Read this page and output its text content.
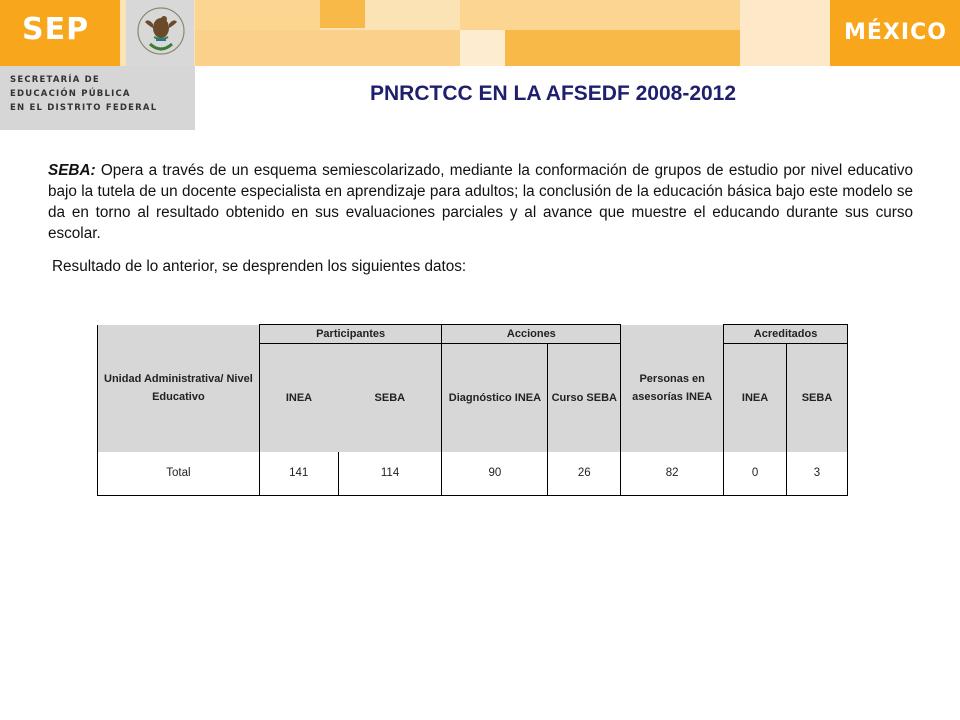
SEP	MÉXICO
SECRETARÍA DE
EDUCACIÓN PÚBLICA
EN EL DISTRITO FEDERAL
PNRCTCC EN LA AFSEDF 2008-2012

SEBA: Opera a través de un esquema semiescolarizado, mediante la conformación de grupos de estudio por nivel educativo bajo la tutela de un docente especialista en aprendizaje para adultos; la conclusión de la educación básica bajo este modelo se da en torno al resultado obtenido en sus evaluaciones parciales y al avance que muestre el educando durante sus curso escolar.

Resultado de lo anterior, se desprenden los siguientes datos:

Unidad Administrativa/ Nivel Educativo	Participantes		Acciones		Personas en asesorías INEA	Acreditados	
	INEA	SEBA	Diagnóstico INEA	Curso SEBA		INEA	SEBA
Total	141	114	90	26	82	0	3
